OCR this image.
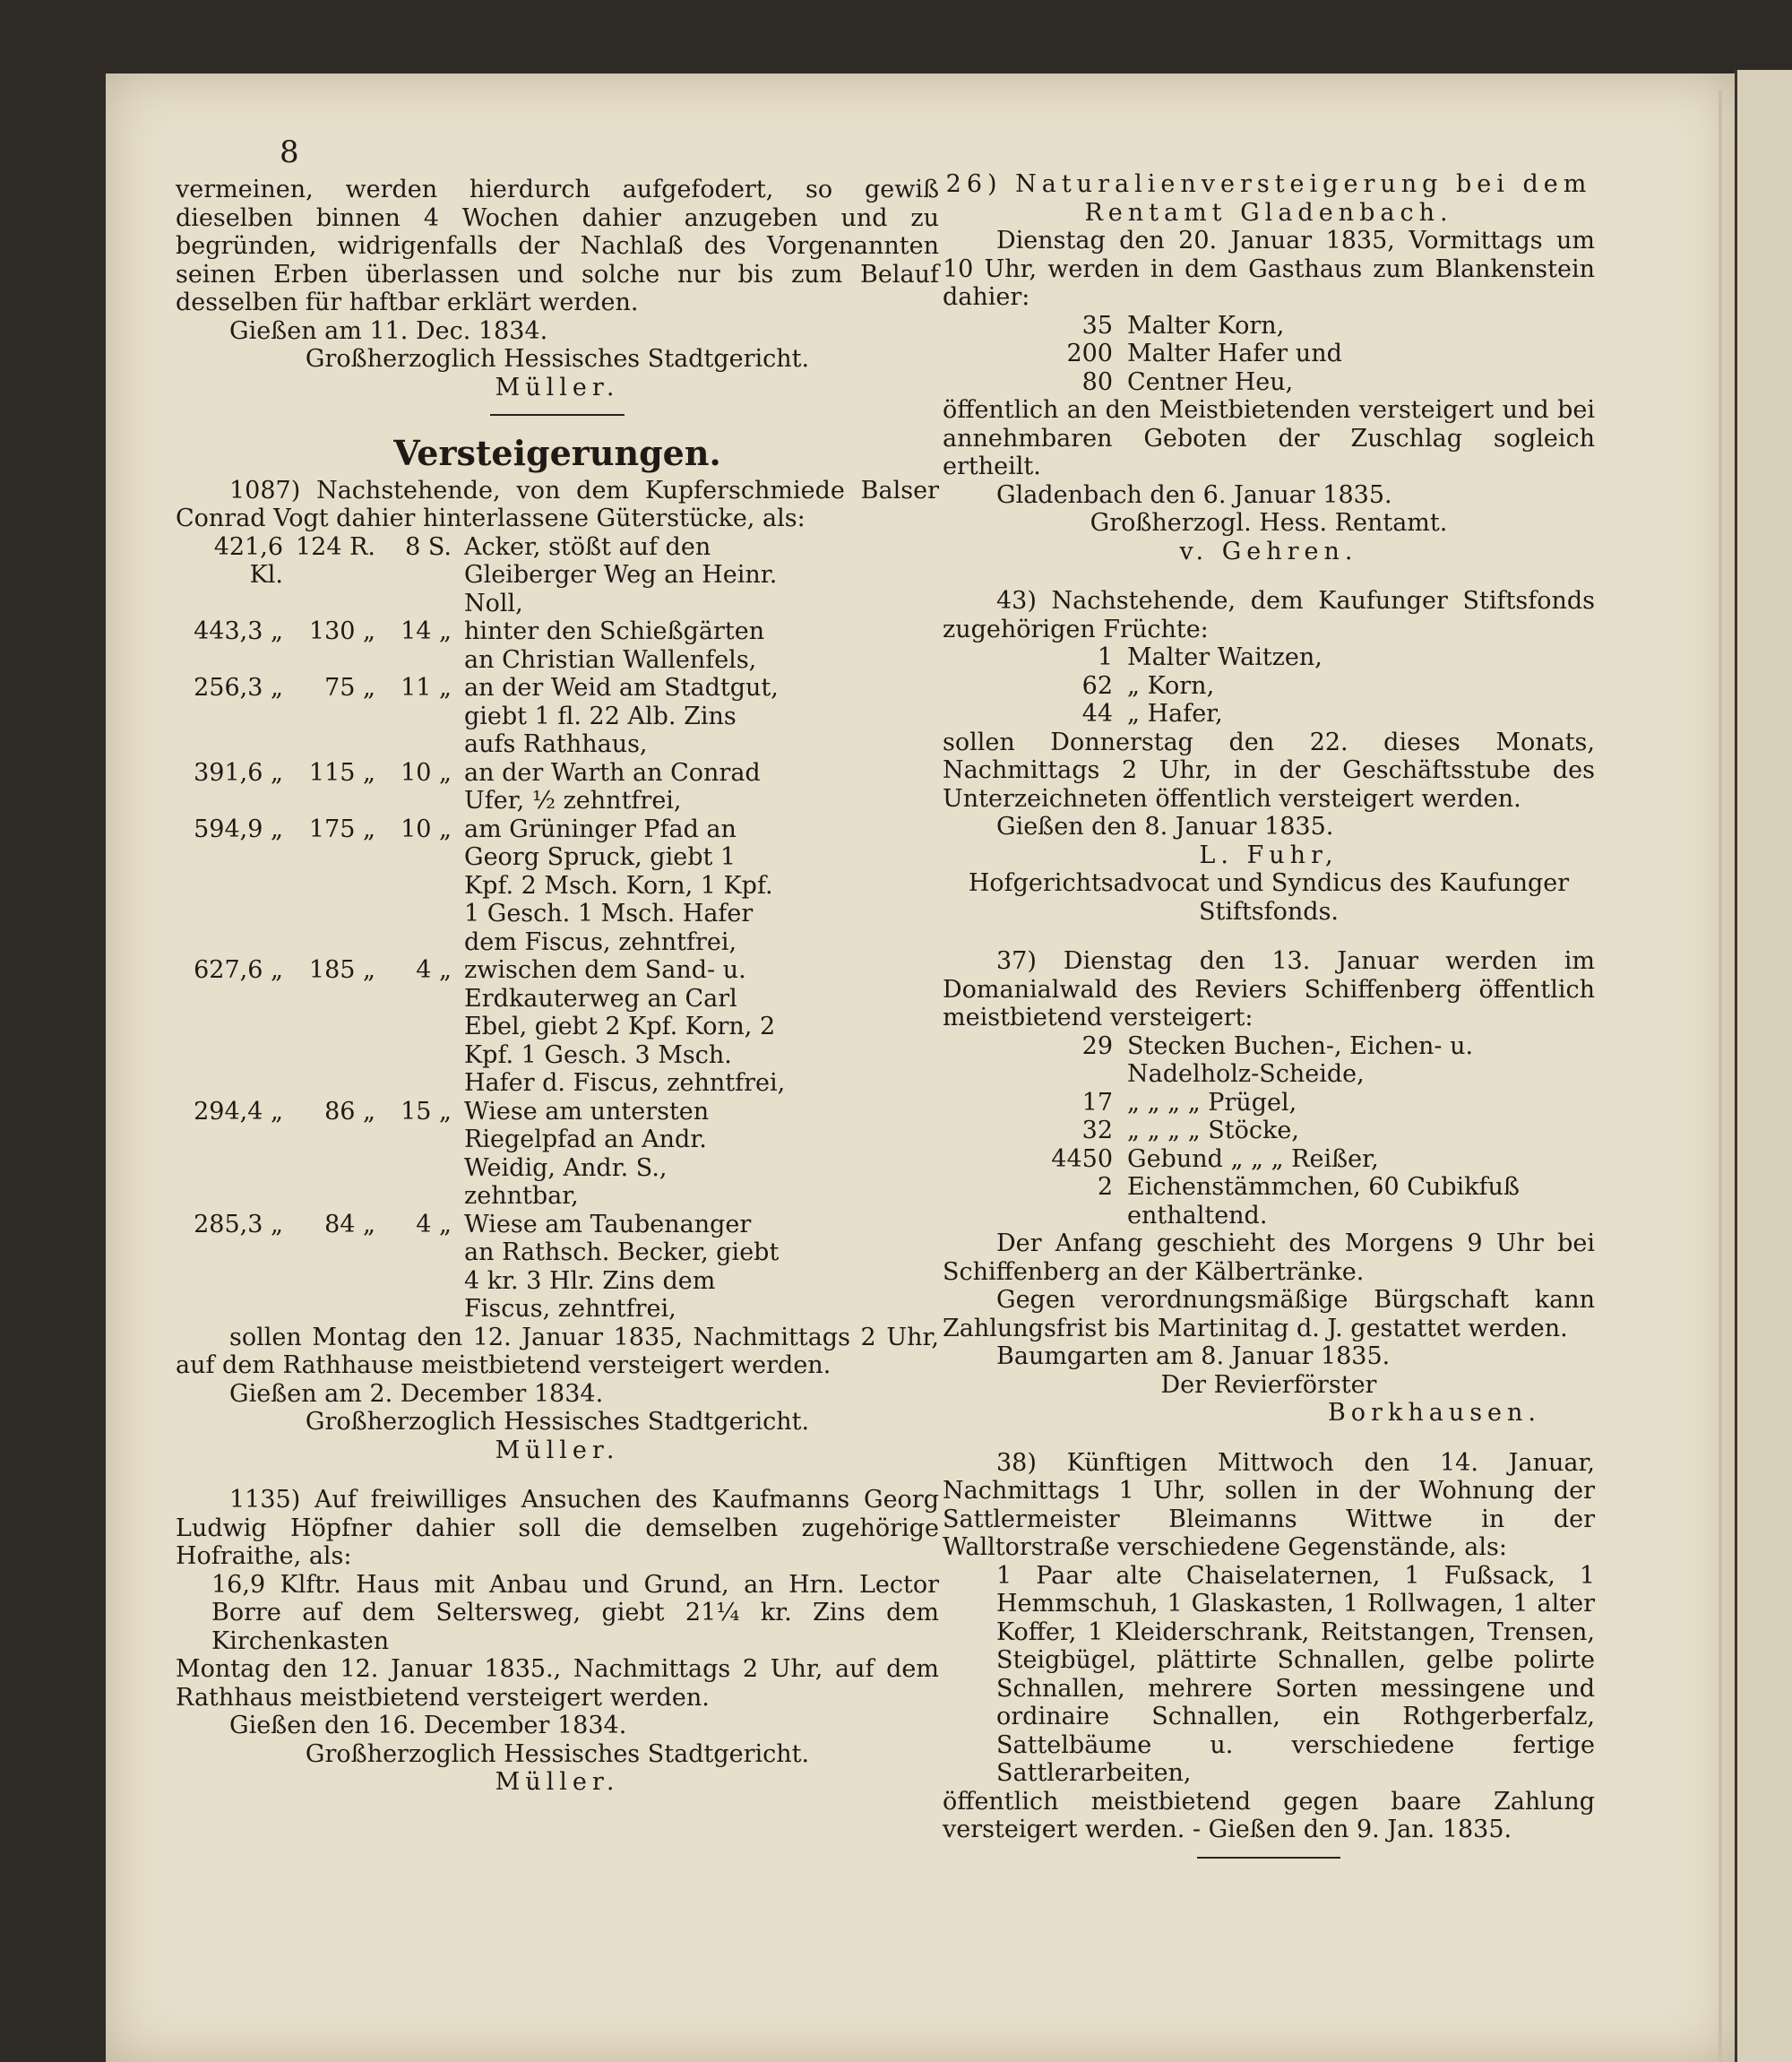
8

vermeinen, werden hierdurch aufgefodert, so gewiß dieselben binnen 4 Wochen dahier anzugeben und zu begründen, widrigenfalls der Nachlaß des Vorgenannten seinen Erben überlassen und solche nur bis zum Belauf desselben für haftbar erklärt werden.

Gießen am 11. Dec. 1834.

Großherzoglich Hessisches Stadtgericht.

Müller.

Versteigerungen.

1087) Nachstehende, von dem Kupferschmiede Balser Conrad Vogt dahier hinterlassene Güterstücke, als:

421,6 Kl.	124 R.	8 S.	Acker, stößt auf den Gleiberger Weg an Heinr. Noll,
443,3 „	130 „	14 „	hinter den Schießgärten an Christian Wallenfels,
256,3 „	75 „	11 „	an der Weid am Stadtgut, giebt 1 fl. 22 Alb. Zins aufs Rathhaus,
391,6 „	115 „	10 „	an der Warth an Conrad Ufer, ½ zehntfrei,
594,9 „	175 „	10 „	am Grüninger Pfad an Georg Spruck, giebt 1 Kpf. 2 Msch. Korn, 1 Kpf. 1 Gesch. 1 Msch. Hafer dem Fiscus, zehntfrei,
627,6 „	185 „	4 „	zwischen dem Sand- u. Erdkauterweg an Carl Ebel, giebt 2 Kpf. Korn, 2 Kpf. 1 Gesch. 3 Msch. Hafer d. Fiscus, zehntfrei,
294,4 „	86 „	15 „	Wiese am untersten Riegelpfad an Andr. Weidig, Andr. S., zehntbar,
285,3 „	84 „	4 „	Wiese am Taubenanger an Rathsch. Becker, giebt 4 kr. 3 Hlr. Zins dem Fiscus, zehntfrei,

sollen Montag den 12. Januar 1835, Nachmittags 2 Uhr, auf dem Rathhause meistbietend versteigert werden.

Gießen am 2. December 1834.

Großherzoglich Hessisches Stadtgericht.

Müller.

1135) Auf freiwilliges Ansuchen des Kaufmanns Georg Ludwig Höpfner dahier soll die demselben zugehörige Hofraithe, als:

16,9 Klftr. Haus mit Anbau und Grund, an Hrn. Lector Borre auf dem Seltersweg, giebt 21¼ kr. Zins dem Kirchenkasten

Montag den 12. Januar 1835., Nachmittags 2 Uhr, auf dem Rathhaus meistbietend versteigert werden.

Gießen den 16. December 1834.

Großherzoglich Hessisches Stadtgericht.

Müller.

26) Naturalienversteigerung bei dem

Rentamt Gladenbach.

Dienstag den 20. Januar 1835, Vormittags um 10 Uhr, werden in dem Gasthaus zum Blankenstein dahier:

35	Malter Korn,
200	Malter Hafer und
80	Centner Heu,

öffentlich an den Meistbietenden versteigert und bei annehmbaren Geboten der Zuschlag sogleich ertheilt.

Gladenbach den 6. Januar 1835.

Großherzogl. Hess. Rentamt.

v. Gehren.

43) Nachstehende, dem Kaufunger Stiftsfonds zugehörigen Früchte:

1	Malter Waitzen,
62	„ Korn,
44	„ Hafer,

sollen Donnerstag den 22. dieses Monats, Nachmittags 2 Uhr, in der Geschäftsstube des Unterzeichneten öffentlich versteigert werden.

Gießen den 8. Januar 1835.

L. Fuhr,

Hofgerichtsadvocat und Syndicus des Kaufunger Stiftsfonds.

37) Dienstag den 13. Januar werden im Domanialwald des Reviers Schiffenberg öffentlich meistbietend versteigert:

29	Stecken Buchen-, Eichen- u. Nadelholz-Scheide,
17	„ „ „ „ Prügel,
32	„ „ „ „ Stöcke,
4450	Gebund „ „ „ Reißer,
2	Eichenstämmchen, 60 Cubikfuß enthaltend.

Der Anfang geschieht des Morgens 9 Uhr bei Schiffenberg an der Kälbertränke.

Gegen verordnungsmäßige Bürgschaft kann Zahlungsfrist bis Martinitag d. J. gestattet werden.

Baumgarten am 8. Januar 1835.

Der Revierförster

Borkhausen.

38) Künftigen Mittwoch den 14. Januar, Nachmittags 1 Uhr, sollen in der Wohnung der Sattlermeister Bleimanns Wittwe in der Walltorstraße verschiedene Gegenstände, als:

1 Paar alte Chaiselaternen, 1 Fußsack, 1 Hemmschuh, 1 Glaskasten, 1 Rollwagen, 1 alter Koffer, 1 Kleiderschrank, Reitstangen, Trensen, Steigbügel, plättirte Schnallen, gelbe polirte Schnallen, mehrere Sorten messingene und ordinaire Schnallen, ein Rothgerberfalz, Sattelbäume u. verschiedene fertige Sattlerarbeiten,

öffentlich meistbietend gegen baare Zahlung versteigert werden. - Gießen den 9. Jan. 1835.
